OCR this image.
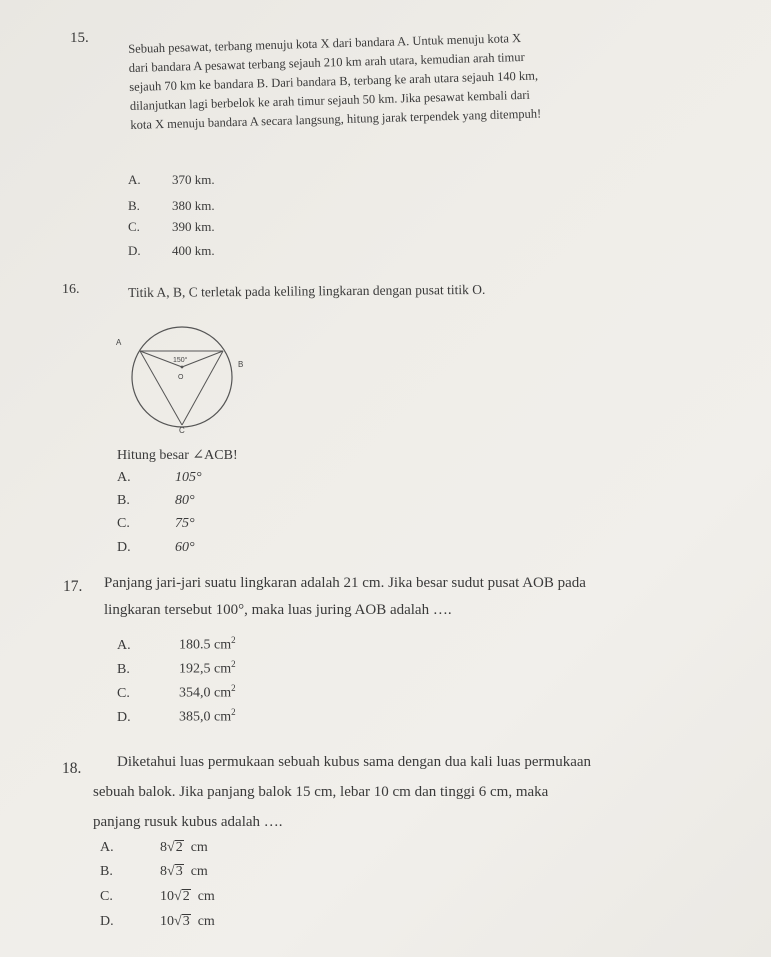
15.	Sebuah pesawat, terbang menuju kota X dari bandara A. Untuk menuju kota X
dari bandara A pesawat terbang sejauh 210 km arah utara, kemudian arah timur
sejauh 70 km ke bandara B. Dari bandara B, terbang ke arah utara sejauh 140 km,
dilanjutkan lagi berbelok ke arah timur sejauh 50 km. Jika pesawat kembali dari
kota X menuju bandara A secara langsung, hitung jarak terpendek yang ditempuh!
A. 370 km.
B. 380 km.
C. 390 km.
D. 400 km.
16.	Titik A, B, C terletak pada keliling lingkaran dengan pusat titik O.
A
B
C
O
150°
Hitung besar ∠ACB!
A.	105°
B.	80°
C.	75°
D.	60°
17. Panjang jari-jari suatu lingkaran adalah 21 cm. Jika besar sudut pusat AOB pada
lingkaran tersebut 100°, maka luas juring AOB adalah ….
A.	180.5 $cm^2$
B.	192,5 $cm^2$
C.	354,0 $cm^2$
D.	385,0 $cm^2$
18.	Diketahui luas permukaan sebuah kubus sama dengan dua kali luas permukaan
sebuah balok. Jika panjang balok 15 cm, lebar 10 cm dan tinggi 6 cm, maka
panjang rusuk kubus adalah ….
A.	8√2 cm
B.	8√3 cm
C.	10√2 cm
D.	10√3 cm
